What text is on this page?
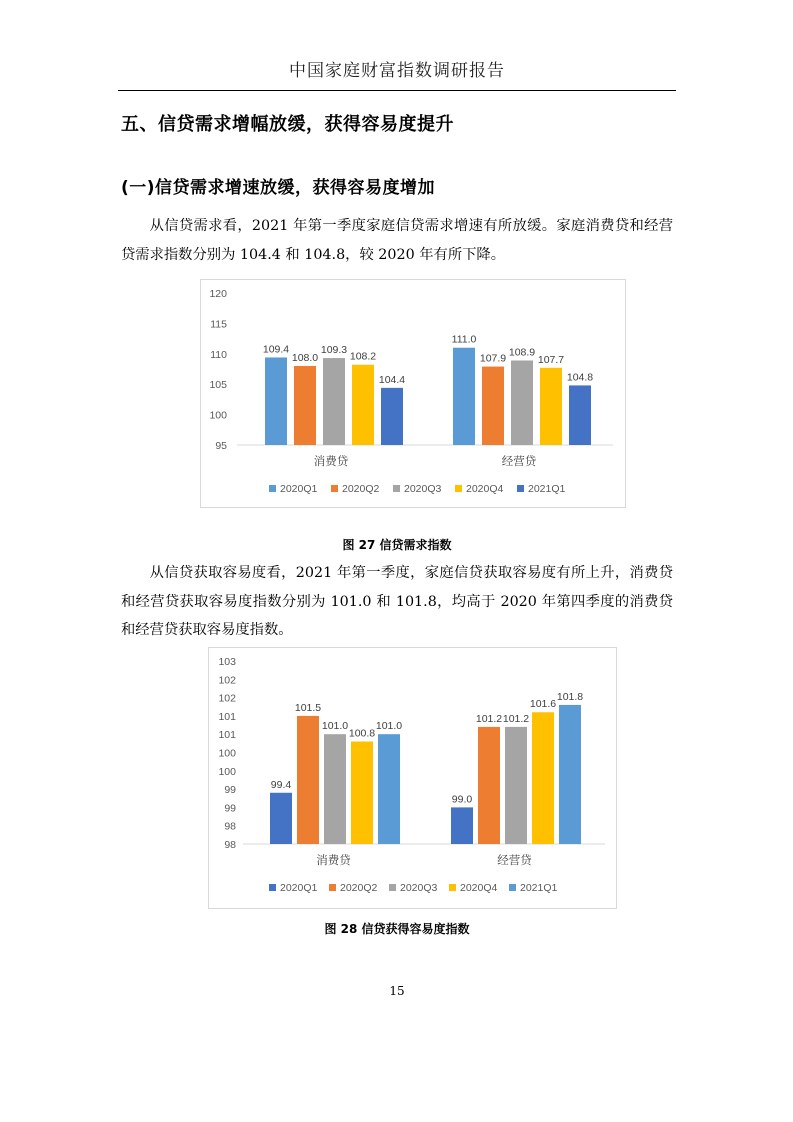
中国家庭财富指数调研报告
五、信贷需求增幅放缓，获得容易度提升
(一)信贷需求增速放缓，获得容易度增加

从信贷需求看，2021 年第一季度家庭信贷需求增速有所放缓。家庭消费贷和经营贷需求指数分别为 104.4 和 104.8，较 2020 年有所下降。

95
100
105
110
115
120
109.4
108.0
109.3
108.2
104.4
消费贷
111.0
107.9
108.9
107.7
104.8
经营贷
2020Q1 2020Q2 2020Q3 2020Q4 2021Q1
图 27 信贷需求指数

从信贷获取容易度看，2021 年第一季度，家庭信贷获取容易度有所上升，消费贷和经营贷获取容易度指数分别为 101.0 和 101.8，均高于 2020 年第四季度的消费贷和经营贷获取容易度指数。

98
98
99
99
100
100
101
101
102
102
103
99.4
101.5
101.0
100.8
101.0
消费贷
99.0
101.2 101.2
101.6
101.8
经营贷
2020Q1 2020Q2 2020Q3 2020Q4 2021Q1
图 28 信贷获得容易度指数
15
